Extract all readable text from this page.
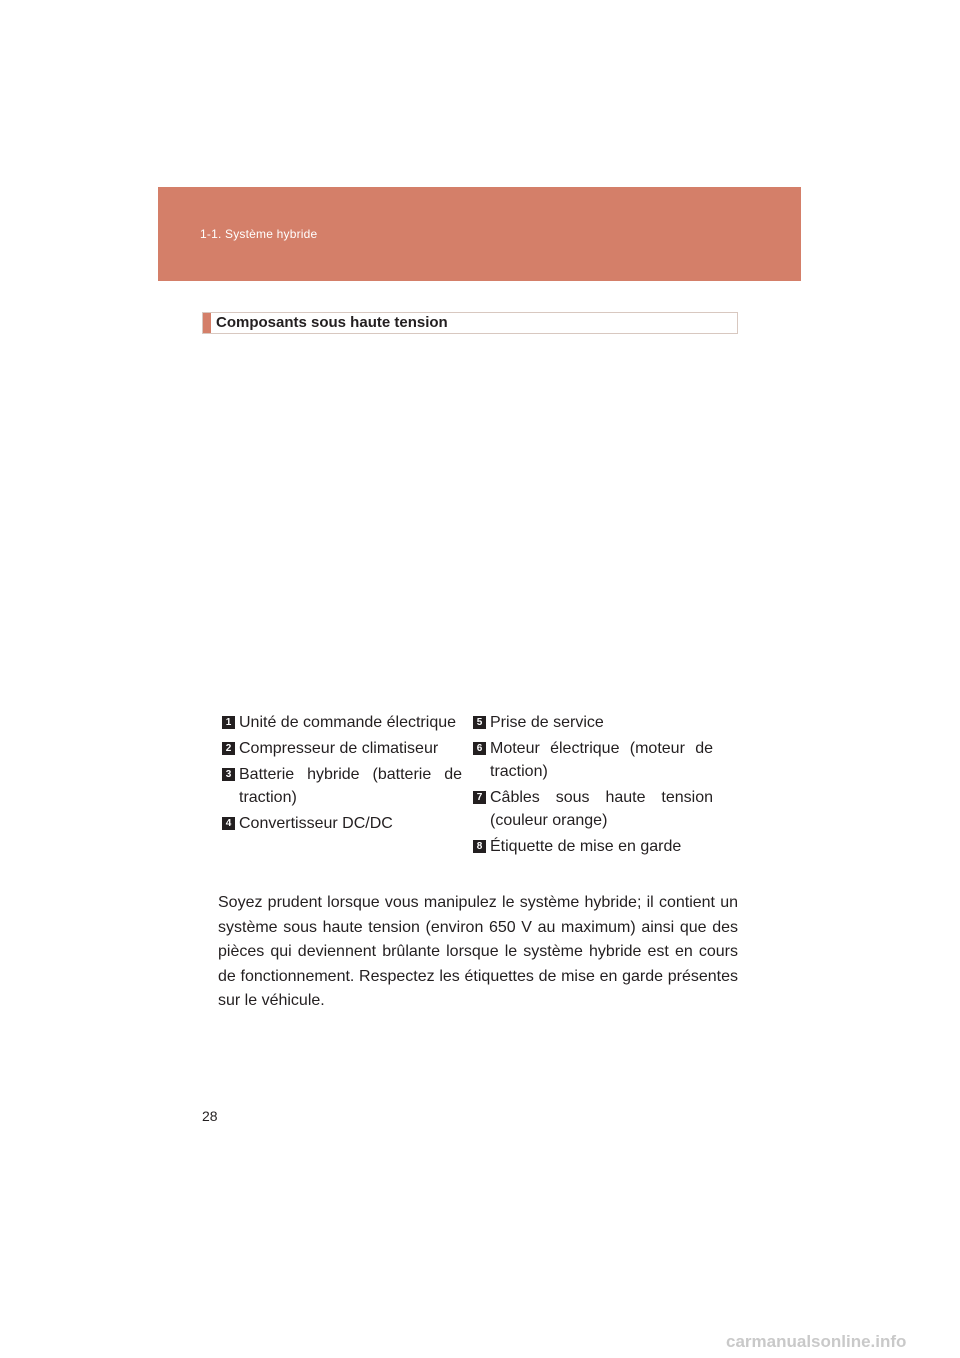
1-1. Système hybride
Composants sous haute tension
1 Unité de commande électrique
2 Compresseur de climatiseur
3 Batterie hybride (batterie de traction)
4 Convertisseur DC/DC
5 Prise de service
6 Moteur électrique (moteur de traction)
7 Câbles sous haute tension (couleur orange)
8 Étiquette de mise en garde

Soyez prudent lorsque vous manipulez le système hybride; il contient un système sous haute tension (environ 650 V au maximum) ainsi que des pièces qui deviennent brûlante lorsque le système hybride est en cours de fonctionnement. Respectez les étiquettes de mise en garde présentes sur le véhicule.

28
carmanualsonline.info
